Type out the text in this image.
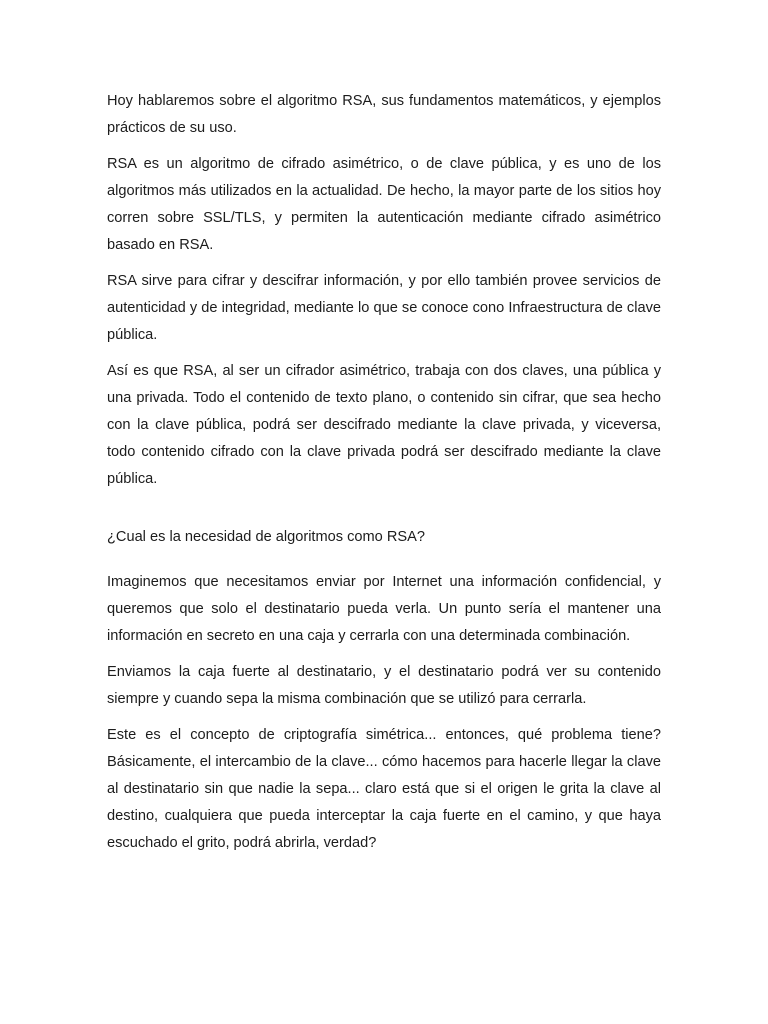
Hoy hablaremos sobre el algoritmo RSA, sus fundamentos matemáticos, y ejemplos prácticos de su uso.

RSA es un algoritmo de cifrado asimétrico, o de clave pública, y es uno de los algoritmos más utilizados en la actualidad. De hecho, la mayor parte de los sitios hoy corren sobre SSL/TLS, y permiten la autenticación mediante cifrado asimétrico basado en RSA.

RSA sirve para cifrar y descifrar información, y por ello también provee servicios de autenticidad y de integridad, mediante lo que se conoce cono Infraestructura de clave pública.

Así es que RSA, al ser un cifrador asimétrico, trabaja con dos claves, una pública y una privada. Todo el contenido de texto plano, o contenido sin cifrar, que sea hecho con la clave pública, podrá ser descifrado mediante la clave privada, y viceversa, todo contenido cifrado con la clave privada podrá ser descifrado mediante la clave pública.

¿Cual es la necesidad de algoritmos como RSA?

Imaginemos que necesitamos enviar por Internet una información confidencial, y queremos que solo el destinatario pueda verla. Un punto sería el mantener una información en secreto en una caja y cerrarla con una determinada combinación.

Enviamos la caja fuerte al destinatario, y el destinatario podrá ver su contenido siempre y cuando sepa la misma combinación que se utilizó para cerrarla.

Este es el concepto de criptografía simétrica... entonces, qué problema tiene? Básicamente, el intercambio de la clave... cómo hacemos para hacerle llegar la clave al destinatario sin que nadie la sepa... claro está que si el origen le grita la clave al destino, cualquiera que pueda interceptar la caja fuerte en el camino, y que haya escuchado el grito, podrá abrirla, verdad?
